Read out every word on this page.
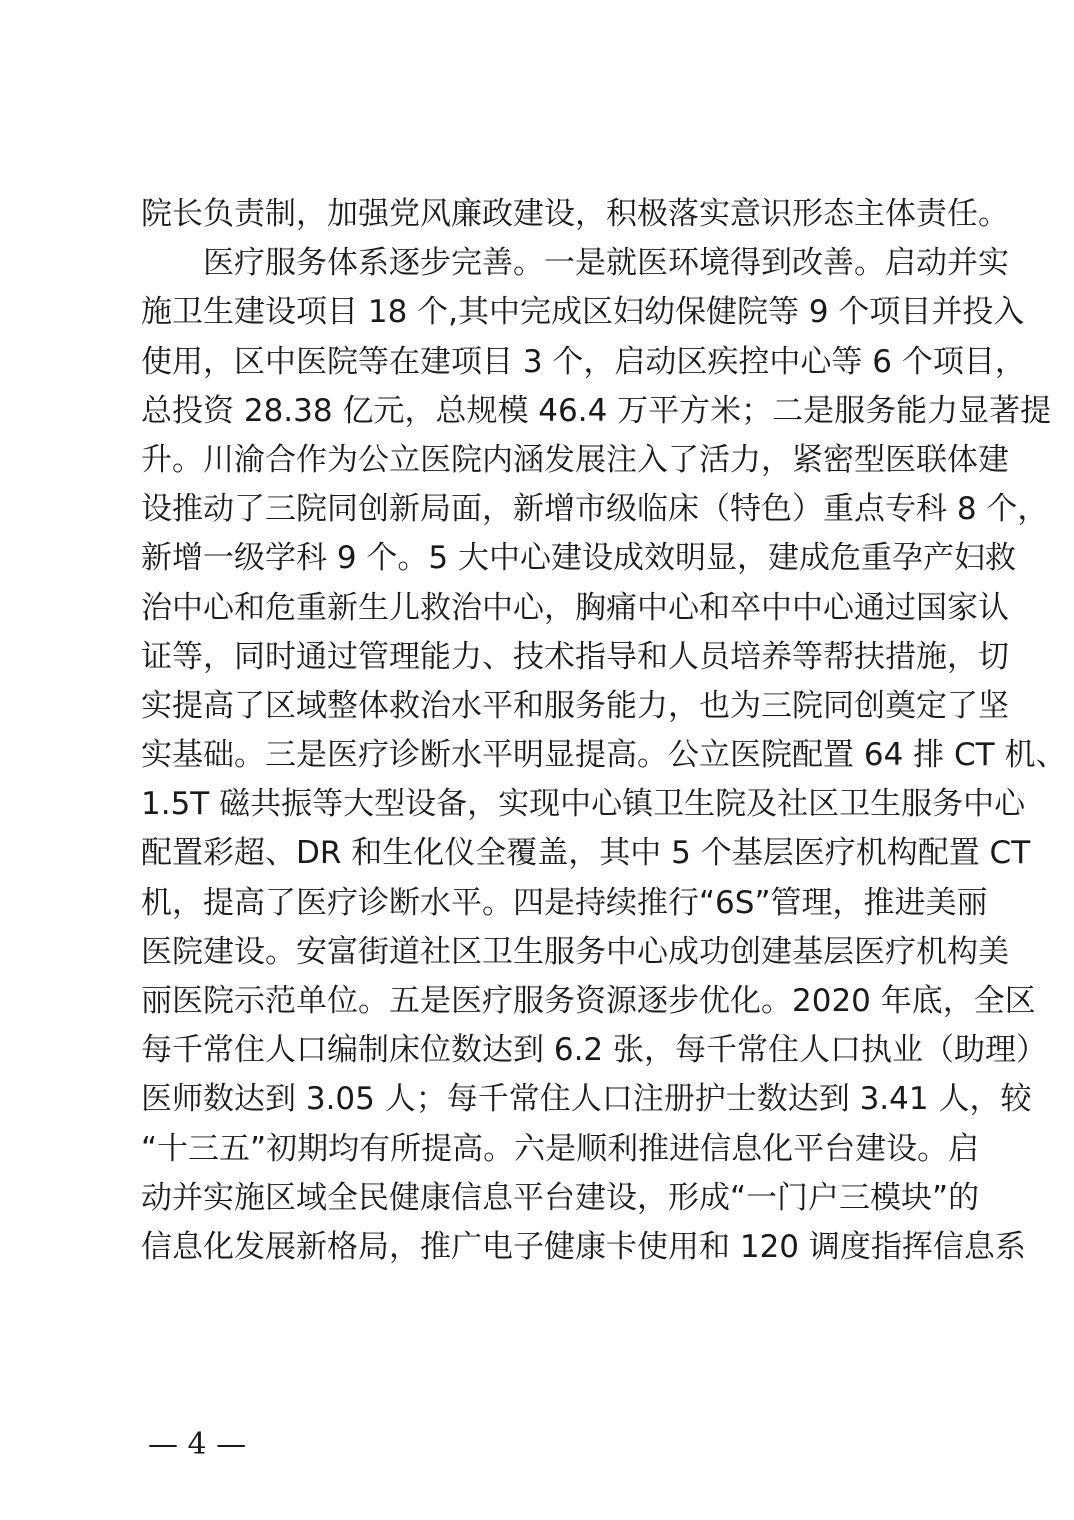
院长负责制，加强党风廉政建设，积极落实意识形态主体责任。
医疗服务体系逐步完善。一是就医环境得到改善。启动并实
施卫生建设项目 18 个,其中完成区妇幼保健院等 9 个项目并投入
使用，区中医院等在建项目 3 个，启动区疾控中心等 6 个项目，
总投资 28.38 亿元，总规模 46.4 万平方米；二是服务能力显著提
升。川渝合作为公立医院内涵发展注入了活力，紧密型医联体建
设推动了三院同创新局面，新增市级临床（特色）重点专科 8 个，
新增一级学科 9 个。5 大中心建设成效明显，建成危重孕产妇救
治中心和危重新生儿救治中心，胸痛中心和卒中中心通过国家认
证等，同时通过管理能力、技术指导和人员培养等帮扶措施，切
实提高了区域整体救治水平和服务能力，也为三院同创奠定了坚
实基础。三是医疗诊断水平明显提高。公立医院配置 64 排 CT 机、
1.5T 磁共振等大型设备，实现中心镇卫生院及社区卫生服务中心
配置彩超、DR 和生化仪全覆盖，其中 5 个基层医疗机构配置 CT
机，提高了医疗诊断水平。四是持续推行“6S”管理，推进美丽
医院建设。安富街道社区卫生服务中心成功创建基层医疗机构美
丽医院示范单位。五是医疗服务资源逐步优化。2020 年底，全区
每千常住人口编制床位数达到 6.2 张，每千常住人口执业（助理）
医师数达到 3.05 人；每千常住人口注册护士数达到 3.41 人，较
“十三五”初期均有所提高。六是顺利推进信息化平台建设。启
动并实施区域全民健康信息平台建设，形成“一门户三模块”的
信息化发展新格局，推广电子健康卡使用和 120 调度指挥信息系
— 4 —
